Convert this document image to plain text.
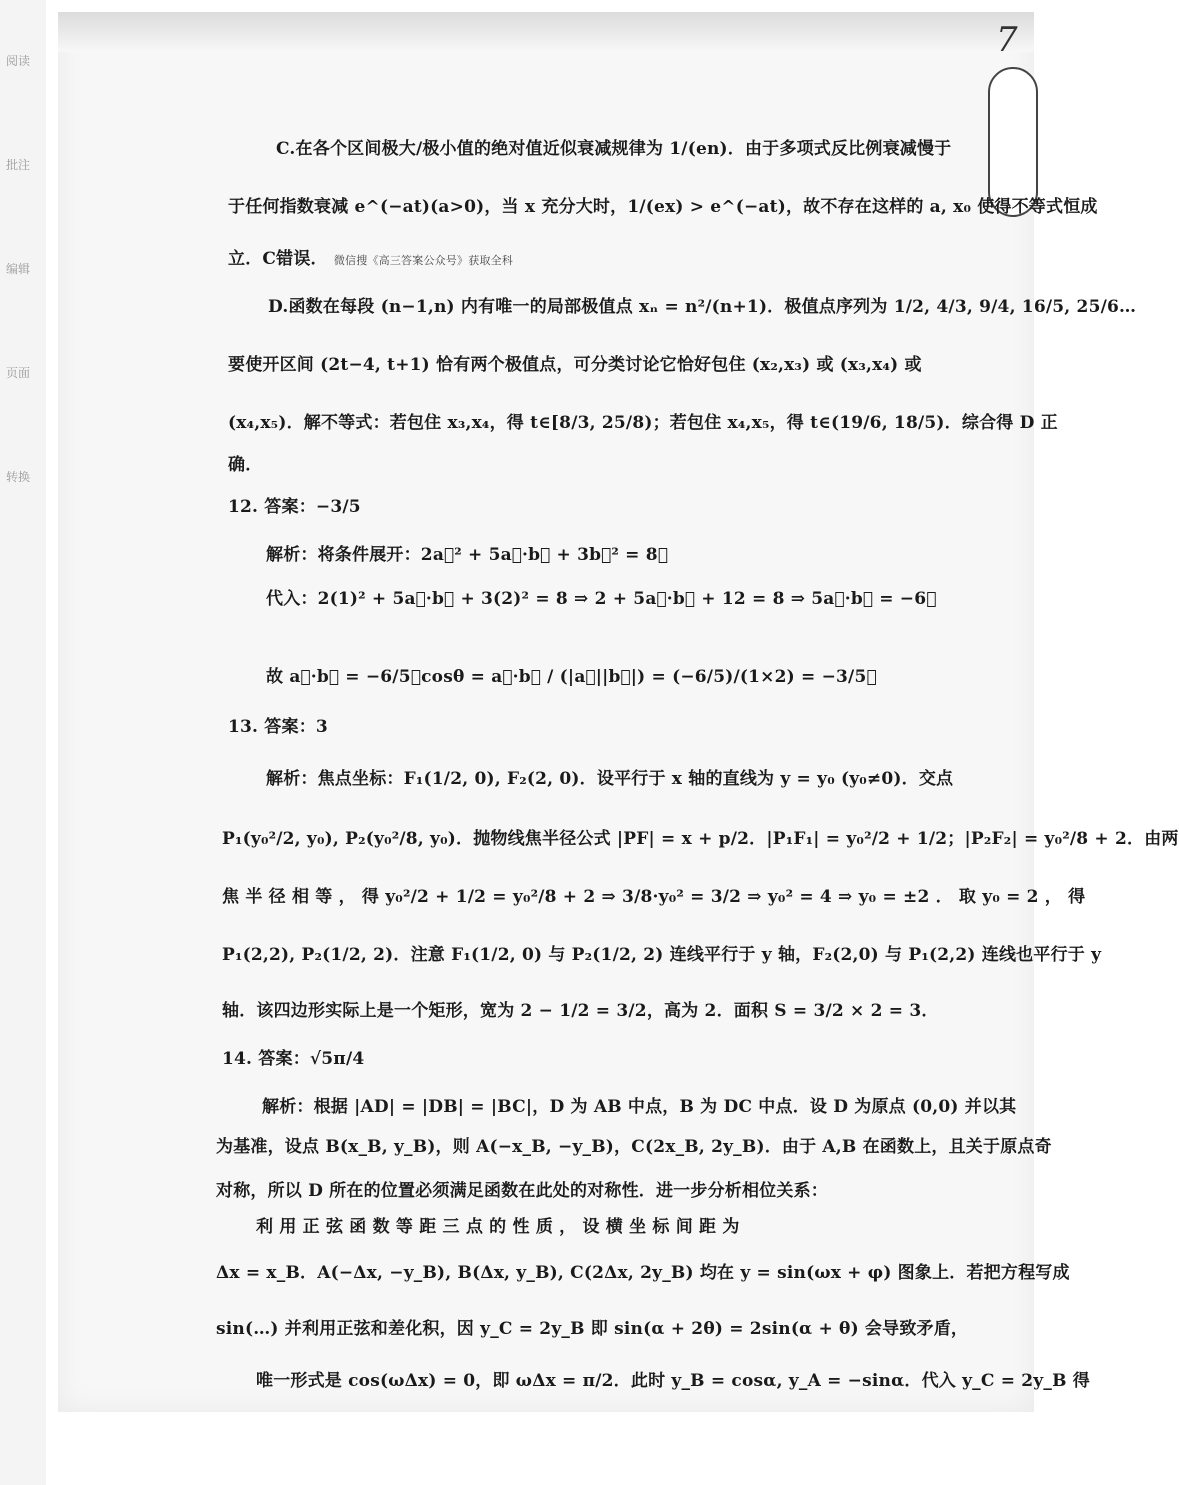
阅读
批注
编辑
页面
转换
7
C.在各个区间极大/极小值的绝对值近似衰减规律为 1/(en)．由于多项式反比例衰减慢于
于任何指数衰减 e^(−at)(a>0)，当 x 充分大时，1/(ex) > e^(−at)，故不存在这样的 a, x₀ 使得不等式恒成
立．C错误． 微信搜《高三答案公众号》获取全科
D.函数在每段 (n−1,n) 内有唯一的局部极值点 xₙ = n²/(n+1)．极值点序列为 1/2, 4/3, 9/4, 16/5, 25/6…
要使开区间 (2t−4, t+1) 恰有两个极值点，可分类讨论它恰好包住 (x₂,x₃) 或 (x₃,x₄) 或
(x₄,x₅)．解不等式：若包住 x₃,x₄，得 t∈[8/3, 25/8)；若包住 x₄,x₅，得 t∈(19/6, 18/5)．综合得 D 正
确．
12. 答案：−3/5
解析：将条件展开：2a⃗² + 5a⃗·b⃗ + 3b⃗² = 8．
代入：2(1)² + 5a⃗·b⃗ + 3(2)² = 8 ⇒ 2 + 5a⃗·b⃗ + 12 = 8 ⇒ 5a⃗·b⃗ = −6．
故 a⃗·b⃗ = −6/5．cosθ = a⃗·b⃗ / (|a⃗||b⃗|) = (−6/5)/(1×2) = −3/5．
13. 答案：3
解析：焦点坐标：F₁(1/2, 0), F₂(2, 0)．设平行于 x 轴的直线为 y = y₀ (y₀≠0)．交点
P₁(y₀²/2, y₀), P₂(y₀²/8, y₀)．抛物线焦半径公式 |PF| = x + p/2．|P₁F₁| = y₀²/2 + 1/2；|P₂F₂| = y₀²/8 + 2．由两
焦 半 径 相 等 ， 得 y₀²/2 + 1/2 = y₀²/8 + 2 ⇒ 3/8·y₀² = 3/2 ⇒ y₀² = 4 ⇒ y₀ = ±2 ． 取 y₀ = 2 ， 得
P₁(2,2), P₂(1/2, 2)．注意 F₁(1/2, 0) 与 P₂(1/2, 2) 连线平行于 y 轴，F₂(2,0) 与 P₁(2,2) 连线也平行于 y
轴．该四边形实际上是一个矩形，宽为 2 − 1/2 = 3/2，高为 2．面积 S = 3/2 × 2 = 3．
14. 答案：√5π/4
解析：根据 |AD| = |DB| = |BC|，D 为 AB 中点，B 为 DC 中点．设 D 为原点 (0,0) 并以其
为基准，设点 B(x_B, y_B)，则 A(−x_B, −y_B)，C(2x_B, 2y_B)．由于 A,B 在函数上，且关于原点奇
对称，所以 D 所在的位置必须满足函数在此处的对称性．进一步分析相位关系：
利 用 正 弦 函 数 等 距 三 点 的 性 质 ， 设 横 坐 标 间 距 为
Δx = x_B．A(−Δx, −y_B), B(Δx, y_B), C(2Δx, 2y_B) 均在 y = sin(ωx + φ) 图象上．若把方程写成
sin(…) 并利用正弦和差化积，因 y_C = 2y_B 即 sin(α + 2θ) = 2sin(α + θ) 会导致矛盾，
唯一形式是 cos(ωΔx) = 0，即 ωΔx = π/2．此时 y_B = cosα, y_A = −sinα．代入 y_C = 2y_B 得
